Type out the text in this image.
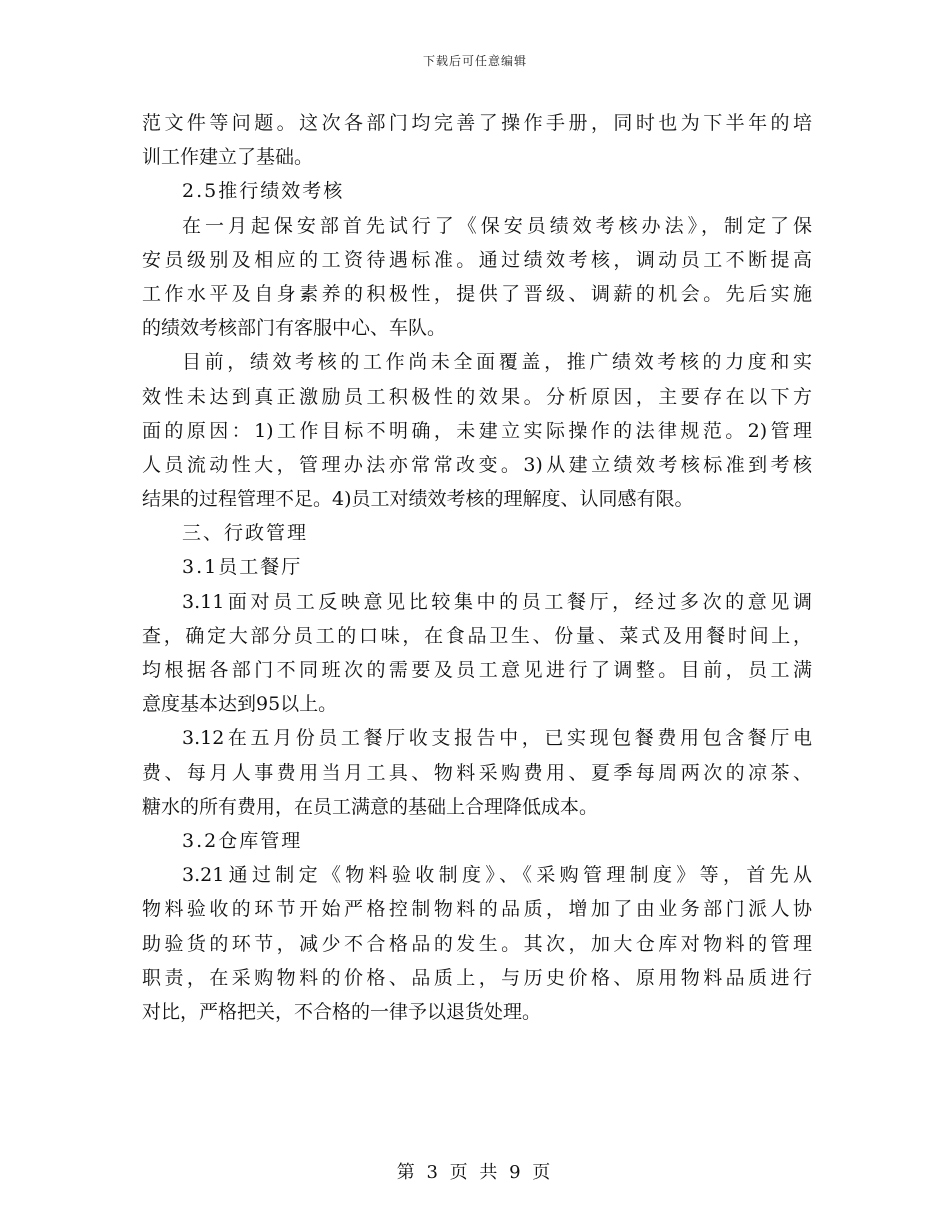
下载后可任意编辑
范文件等问题。这次各部门均完善了操作手册，同时也为下半年的培
训工作建立了基础。
2.5推行绩效考核
在一月起保安部首先试行了《保安员绩效考核办法》，制定了保
安员级别及相应的工资待遇标准。通过绩效考核，调动员工不断提高
工作水平及自身素养的积极性，提供了晋级、调薪的机会。先后实施
的绩效考核部门有客服中心、车队。
目前，绩效考核的工作尚未全面覆盖，推广绩效考核的力度和实
效性未达到真正激励员工积极性的效果。分析原因，主要存在以下方
面的原因：1)工作目标不明确，未建立实际操作的法律规范。2)管理
人员流动性大，管理办法亦常常改变。3)从建立绩效考核标准到考核
结果的过程管理不足。4)员工对绩效考核的理解度、认同感有限。
三、行政管理
3.1员工餐厅
3.11面对员工反映意见比较集中的员工餐厅，经过多次的意见调
查，确定大部分员工的口味，在食品卫生、份量、菜式及用餐时间上，
均根据各部门不同班次的需要及员工意见进行了调整。目前，员工满
意度基本达到95以上。
3.12在五月份员工餐厅收支报告中，已实现包餐费用包含餐厅电
费、每月人事费用当月工具、物料采购费用、夏季每周两次的凉茶、
糖水的所有费用，在员工满意的基础上合理降低成本。
3.2仓库管理
3.21通过制定《物料验收制度》、《采购管理制度》等，首先从
物料验收的环节开始严格控制物料的品质，增加了由业务部门派人协
助验货的环节，减少不合格品的发生。其次，加大仓库对物料的管理
职责，在采购物料的价格、品质上，与历史价格、原用物料品质进行
对比，严格把关，不合格的一律予以退货处理。
第 3 页 共 9 页
